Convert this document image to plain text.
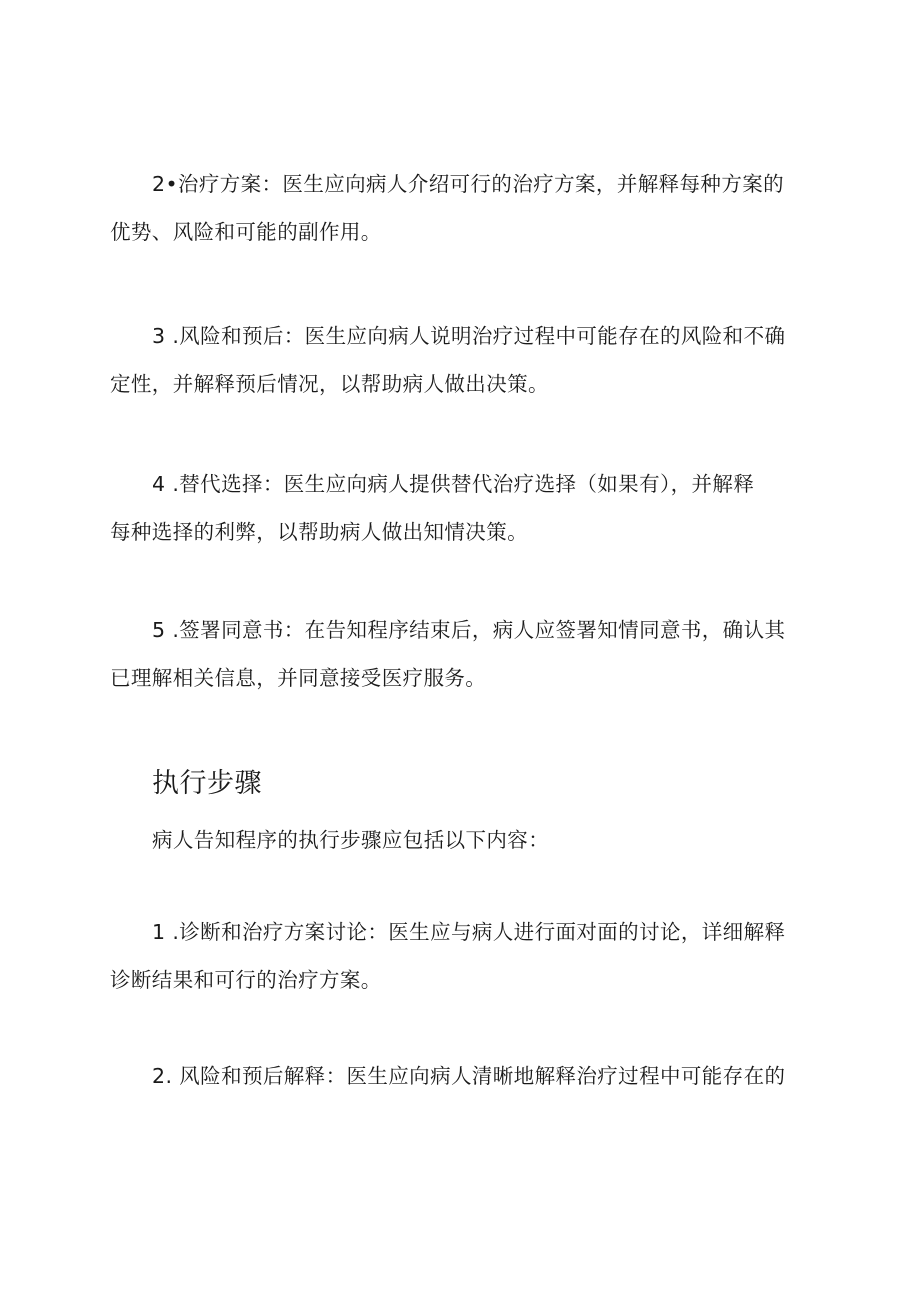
2•治疗方案：医生应向病人介绍可行的治疗方案，并解释每种方案的
优势、风险和可能的副作用。

3 .风险和预后：医生应向病人说明治疗过程中可能存在的风险和不确
定性，并解释预后情况，以帮助病人做出决策。

4 .替代选择：医生应向病人提供替代治疗选择（如果有），并解释
每种选择的利弊，以帮助病人做出知情决策。

5 .签署同意书：在告知程序结束后，病人应签署知情同意书，确认其
已理解相关信息，并同意接受医疗服务。

执行步骤

病人告知程序的执行步骤应包括以下内容：

1 .诊断和治疗方案讨论：医生应与病人进行面对面的讨论，详细解释
诊断结果和可行的治疗方案。

2. 风险和预后解释：医生应向病人清晰地解释治疗过程中可能存在的
